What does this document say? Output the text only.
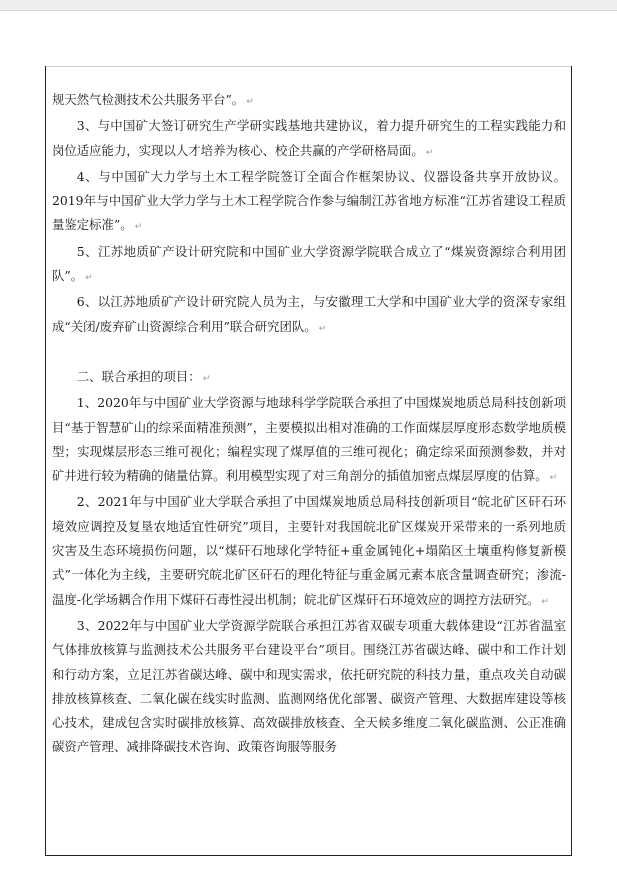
规天然气检测技术公共服务平台”。 ↵

3、与中国矿大签订研究生产学研实践基地共建协议，着力提升研究生的工程实践能力和岗位适应能力，实现以人才培养为核心、校企共赢的产学研格局面。 ↵

4、与中国矿大力学与土木工程学院签订全面合作框架协议、仪器设备共享开放协议。2019年与中国矿业大学力学与土木工程学院合作参与编制江苏省地方标准“江苏省建设工程质量鉴定标准”。 ↵

5、江苏地质矿产设计研究院和中国矿业大学资源学院联合成立了“煤炭资源综合利用团队”。 ↵

6、以江苏地质矿产设计研究院人员为主，与安徽理工大学和中国矿业大学的资深专家组成“关闭/废弃矿山资源综合利用”联合研究团队。 ↵

二、联合承担的项目： ↵

1、2020年与中国矿业大学资源与地球科学学院联合承担了中国煤炭地质总局科技创新项目“基于智慧矿山的综采面精准预测”，主要模拟出相对准确的工作面煤层厚度形态数学地质模型；实现煤层形态三维可视化；编程实现了煤厚值的三维可视化；确定综采面预测参数，并对矿井进行较为精确的储量估算。利用模型实现了对三角剖分的插值加密点煤层厚度的估算。 ↵

2、2021年与中国矿业大学联合承担了中国煤炭地质总局科技创新项目“皖北矿区矸石环境效应调控及复垦农地适宜性研究”项目，主要针对我国皖北矿区煤炭开采带来的一系列地质灾害及生态环境损伤问题，以“煤矸石地球化学特征+重金属钝化+塌陷区土壤重构修复新模式”一体化为主线，主要研究皖北矿区矸石的理化特征与重金属元素本底含量调查研究；渗流-温度-化学场耦合作用下煤矸石毒性浸出机制；皖北矿区煤矸石环境效应的调控方法研究。 ↵

3、2022年与中国矿业大学资源学院联合承担江苏省双碳专项重大载体建设“江苏省温室气体排放核算与监测技术公共服务平台建设平台”项目。围绕江苏省碳达峰、碳中和工作计划和行动方案，立足江苏省碳达峰、碳中和现实需求，依托研究院的科技力量，重点攻关自动碳排放核算核查、二氧化碳在线实时监测、监测网络优化部署、碳资产管理、大数据库建设等核心技术，建成包含实时碳排放核算、高效碳排放核查、全天候多维度二氧化碳监测、公正准确碳资产管理、减排降碳技术咨询、政策咨询服等服务
